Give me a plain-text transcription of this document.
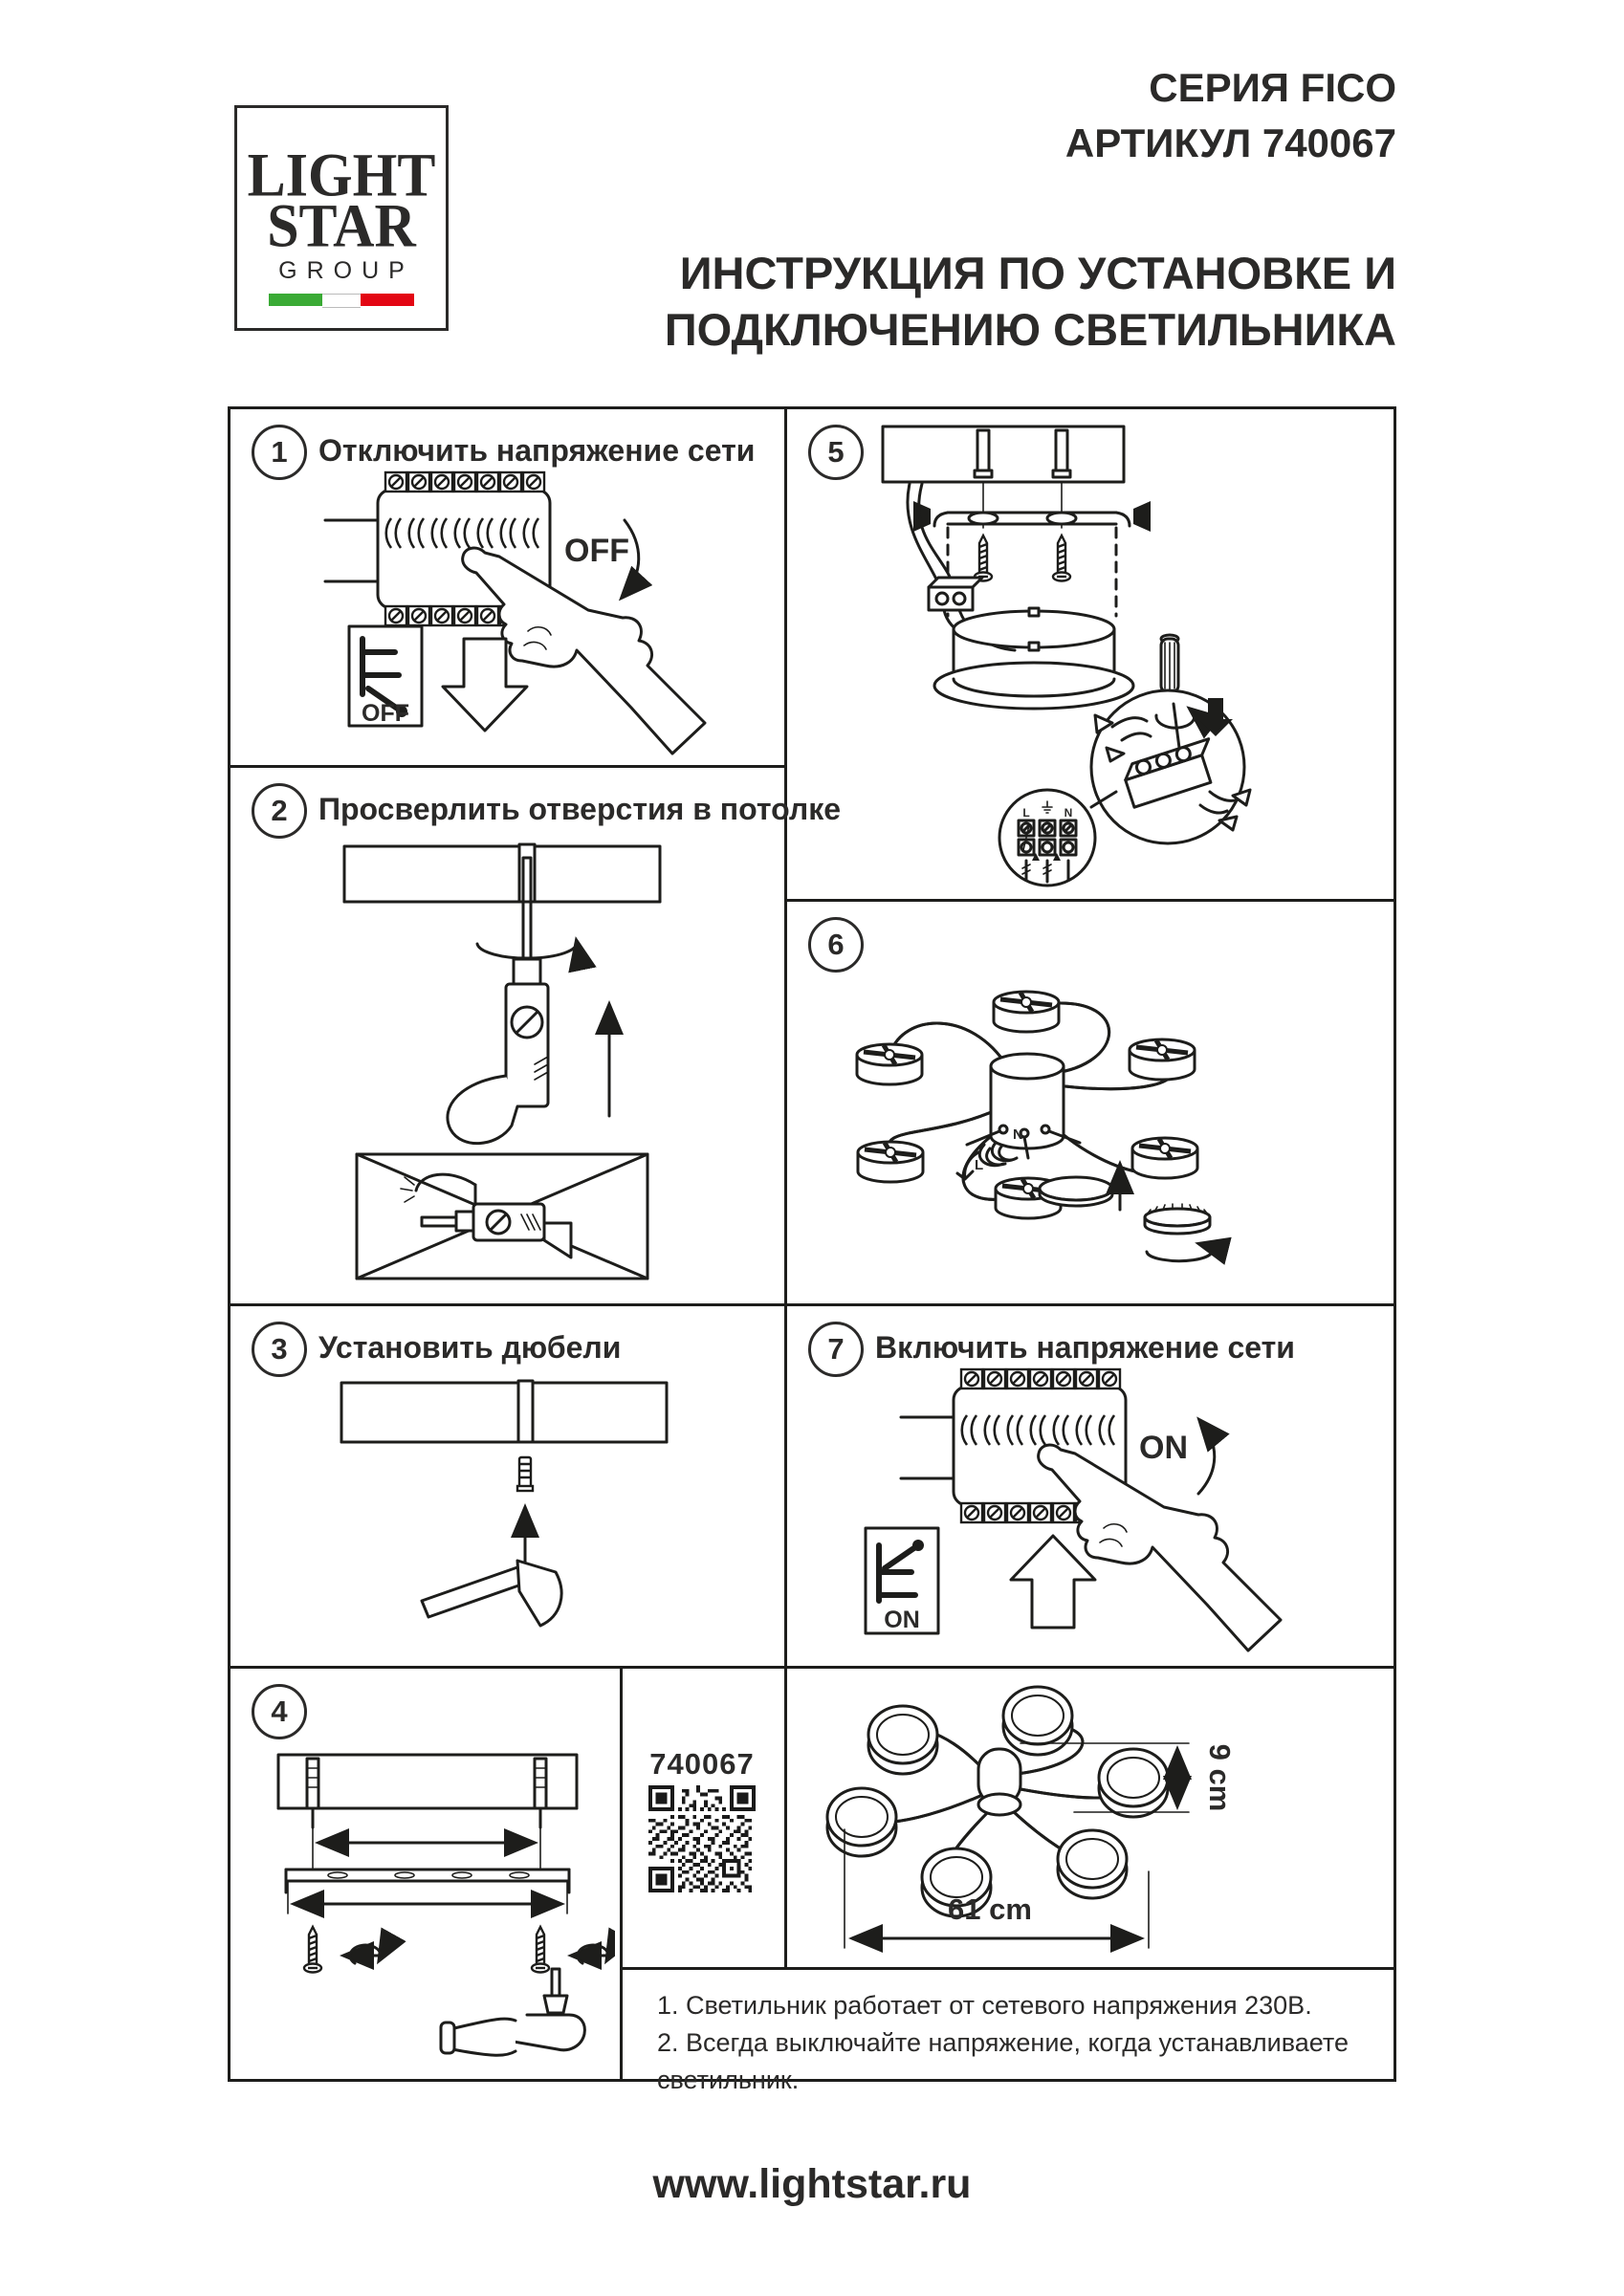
LIGHT
STAR
GROUP
СЕРИЯ FICO
АРТИКУЛ 740067
ИНСТРУКЦИЯ ПО УСТАНОВКЕ И
ПОДКЛЮЧЕНИЮ СВЕТИЛЬНИКА
1	Отключить напряжение сети
OFF
OFF
2	Просверлить отверстия в потолке
3	Установить дюбели
4
5
L	N
6
N
L
7	Включить напряжение сети
ON
ON
740067
61 cm
9 cm
1. Светильник работает от сетевого напряжения 230В.
2. Всегда выключайте напряжение, когда устанавливаете светильник.
www.lightstar.ru
